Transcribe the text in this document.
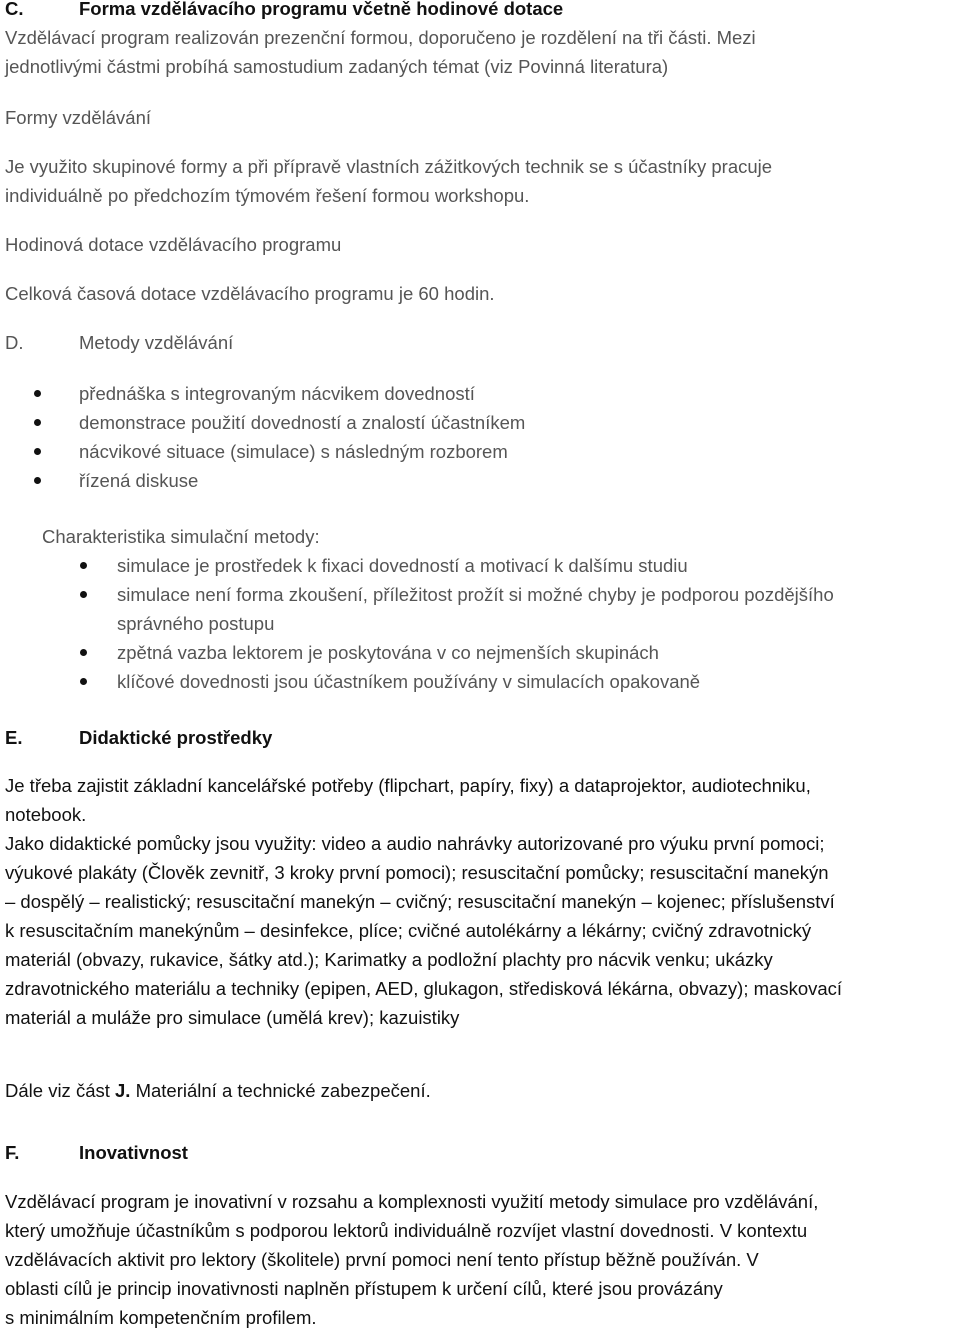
C.	Forma vzdělávacího programu včetně hodinové dotace

Vzdělávací program realizován prezenční formou, doporučeno je rozdělení na tři části. Mezi

jednotlivými částmi probíhá samostudium zadaných témat (viz Povinná literatura)

Formy vzdělávání

Je využito skupinové formy a při přípravě vlastních zážitkových technik se s účastníky pracuje

individuálně po předchozím týmovém řešení formou workshopu.

Hodinová dotace vzdělávacího programu

Celková časová dotace vzdělávacího programu je 60 hodin.

D.	Metody vzdělávání
přednáška s integrovaným nácvikem dovedností
demonstrace použití dovedností a znalostí účastníkem
nácvikové situace (simulace) s následným rozborem
řízená diskuse

Charakteristika simulační metody:

simulace je prostředek k fixaci dovedností a motivací k dalšímu studiu
simulace není forma zkoušení, příležitost prožít si možné chyby je podporou pozdějšího
správného postupu
zpětná vazba lektorem je poskytována v co nejmenších skupinách
klíčové dovednosti jsou účastníkem používány v simulacích opakovaně
E.	Didaktické prostředky

Je třeba zajistit základní kancelářské potřeby (flipchart, papíry, fixy) a dataprojektor, audiotechniku,

notebook.

Jako didaktické pomůcky jsou využity: video a audio nahrávky autorizované pro výuku první pomoci;

výukové plakáty (Člověk zevnitř, 3 kroky první pomoci); resuscitační pomůcky; resuscitační manekýn

– dospělý – realistický; resuscitační manekýn – cvičný; resuscitační manekýn – kojenec; příslušenství

k resuscitačním manekýnům – desinfekce, plíce; cvičné autolékárny a lékárny; cvičný zdravotnický

materiál (obvazy, rukavice, šátky atd.); Karimatky a podložní plachty pro nácvik venku; ukázky

zdravotnického materiálu a techniky (epipen, AED, glukagon, středisková lékárna, obvazy); maskovací

materiál a muláže pro simulace (umělá krev); kazuistiky

Dále viz část J. Materiální a technické zabezpečení.

F.	Inovativnost

Vzdělávací program je inovativní v rozsahu a komplexnosti využití metody simulace pro vzdělávání,

který umožňuje účastníkům s podporou lektorů individuálně rozvíjet vlastní dovednosti. V kontextu

vzdělávacích aktivit pro lektory (školitele) první pomoci není tento přístup běžně používán. V

oblasti cílů je princip inovativnosti naplněn přístupem k určení cílů, které jsou provázány

s minimálním kompetenčním profilem.
